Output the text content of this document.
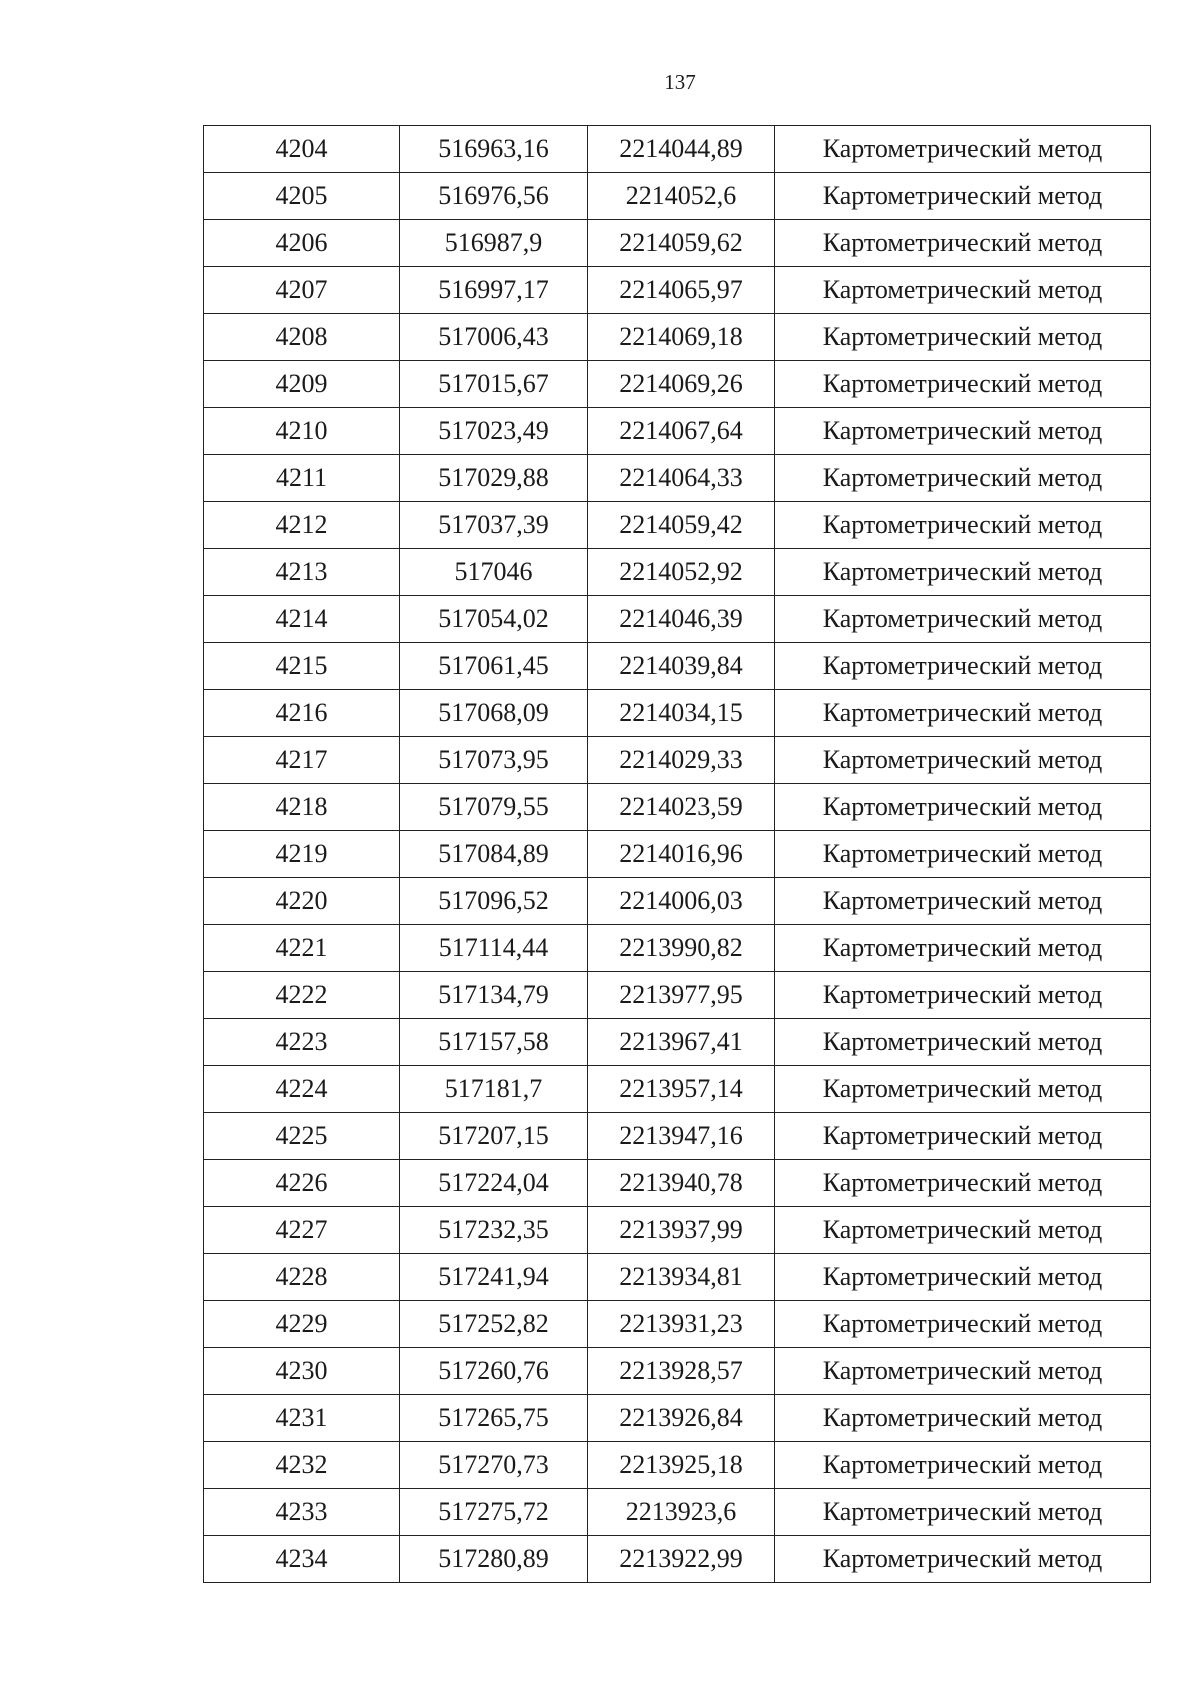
137
4204	516963,16	2214044,89	Картометрический метод
4205	516976,56	2214052,6	Картометрический метод
4206	516987,9	2214059,62	Картометрический метод
4207	516997,17	2214065,97	Картометрический метод
4208	517006,43	2214069,18	Картометрический метод
4209	517015,67	2214069,26	Картометрический метод
4210	517023,49	2214067,64	Картометрический метод
4211	517029,88	2214064,33	Картометрический метод
4212	517037,39	2214059,42	Картометрический метод
4213	517046	2214052,92	Картометрический метод
4214	517054,02	2214046,39	Картометрический метод
4215	517061,45	2214039,84	Картометрический метод
4216	517068,09	2214034,15	Картометрический метод
4217	517073,95	2214029,33	Картометрический метод
4218	517079,55	2214023,59	Картометрический метод
4219	517084,89	2214016,96	Картометрический метод
4220	517096,52	2214006,03	Картометрический метод
4221	517114,44	2213990,82	Картометрический метод
4222	517134,79	2213977,95	Картометрический метод
4223	517157,58	2213967,41	Картометрический метод
4224	517181,7	2213957,14	Картометрический метод
4225	517207,15	2213947,16	Картометрический метод
4226	517224,04	2213940,78	Картометрический метод
4227	517232,35	2213937,99	Картометрический метод
4228	517241,94	2213934,81	Картометрический метод
4229	517252,82	2213931,23	Картометрический метод
4230	517260,76	2213928,57	Картометрический метод
4231	517265,75	2213926,84	Картометрический метод
4232	517270,73	2213925,18	Картометрический метод
4233	517275,72	2213923,6	Картометрический метод
4234	517280,89	2213922,99	Картометрический метод
